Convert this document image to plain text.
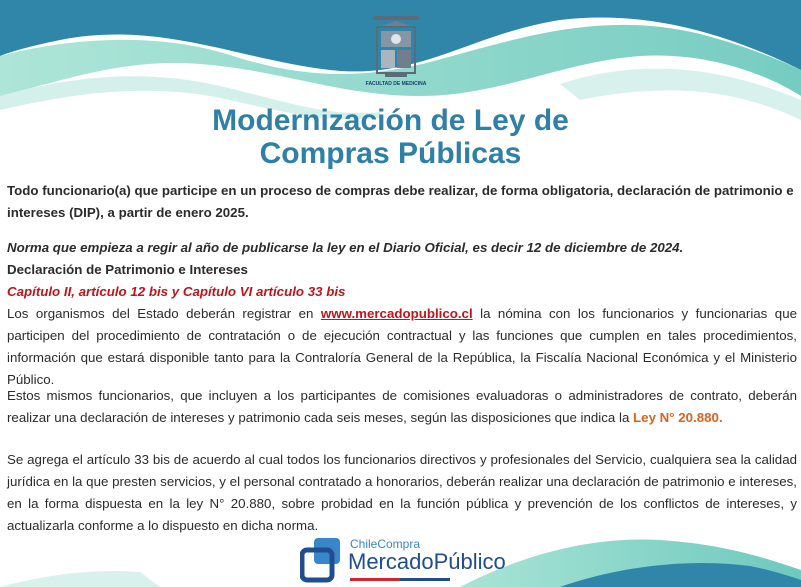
FACULTAD DE MEDICINA
Modernización de Ley de
Compras Públicas
Todo funcionario(a) que participe en un proceso de compras debe realizar, de forma obligatoria, declaración de patrimonio e intereses (DIP), a partir de enero 2025.
Norma que empieza a regir al año de publicarse la ley en el Diario Oficial, es decir 12 de diciembre de 2024.
Declaración de Patrimonio e Intereses
Capítulo II, artículo 12 bis y Capítulo VI artículo 33 bis
Los organismos del Estado deberán registrar en www.mercadopublico.cl la nómina con los funcionarios y funcionarias que participen del procedimiento de contratación o de ejecución contractual y las funciones que cumplen en tales procedimientos, información que estará disponible tanto para la Contraloría General de la República, la Fiscalía Nacional Económica y el Ministerio Público.
Estos mismos funcionarios, que incluyen a los participantes de comisiones evaluadoras o administradores de contrato, deberán realizar una declaración de intereses y patrimonio cada seis meses, según las disposiciones que indica la Ley N° 20.880.
Se agrega el artículo 33 bis de acuerdo al cual todos los funcionarios directivos y profesionales del Servicio, cualquiera sea la calidad jurídica en la que presten servicios, y el personal contratado a honorarios, deberán realizar una declaración de patrimonio e intereses, en la forma dispuesta en la ley N° 20.880, sobre probidad en la función pública y prevención de los conflictos de intereses, y actualizarla conforme a lo dispuesto en dicha norma.
ChileCompra
MercadoPúblico
